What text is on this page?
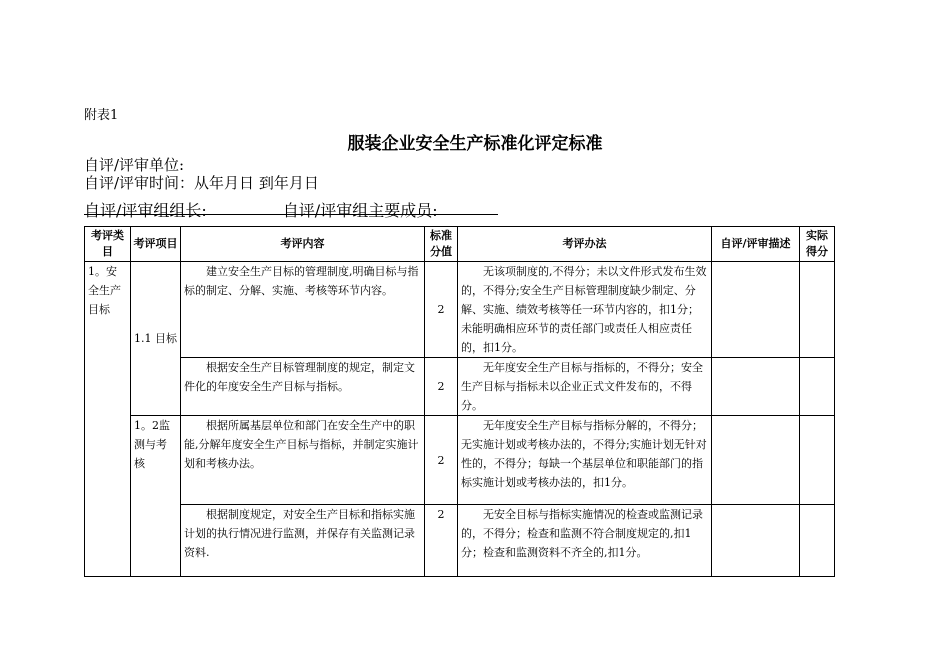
附表1
服装企业安全生产标准化评定标准
自评/评审单位:
自评/评审时间：从年月日 到年月日
自评/评审组组长:	自评/评审组主要成员:
考评类目	考评项目	考评内容	标准分值	考评办法	自评/评审描述	实际得分
1。安全生产目标	1.1 目标	建立安全生产目标的管理制度,明确目标与指标的制定、分解、实施、考核等环节内容。	2	无该项制度的,不得分；未以文件形式发布生效的，不得分;安全生产目标管理制度缺少制定、分解、实施、绩效考核等任一环节内容的，扣1分；未能明确相应环节的责任部门或责任人相应责任的，扣1分。		
		根据安全生产目标管理制度的规定，制定文件化的年度安全生产目标与指标。	2	无年度安全生产目标与指标的，不得分；安全生产目标与指标未以企业正式文件发布的，不得分。		
	1。2监测与考核	根据所属基层单位和部门在安全生产中的职能,分解年度安全生产目标与指标，并制定实施计划和考核办法。	2	无年度安全生产目标与指标分解的，不得分；无实施计划或考核办法的，不得分;实施计划无针对性的，不得分；每缺一个基层单位和职能部门的指标实施计划或考核办法的，扣1分。		
		根据制度规定，对安全生产目标和指标实施计划的执行情况进行监测，并保存有关监测记录资料.	2	无安全目标与指标实施情况的检查或监测记录的，不得分；检查和监测不符合制度规定的,扣1分；检查和监测资料不齐全的,扣1分。		
